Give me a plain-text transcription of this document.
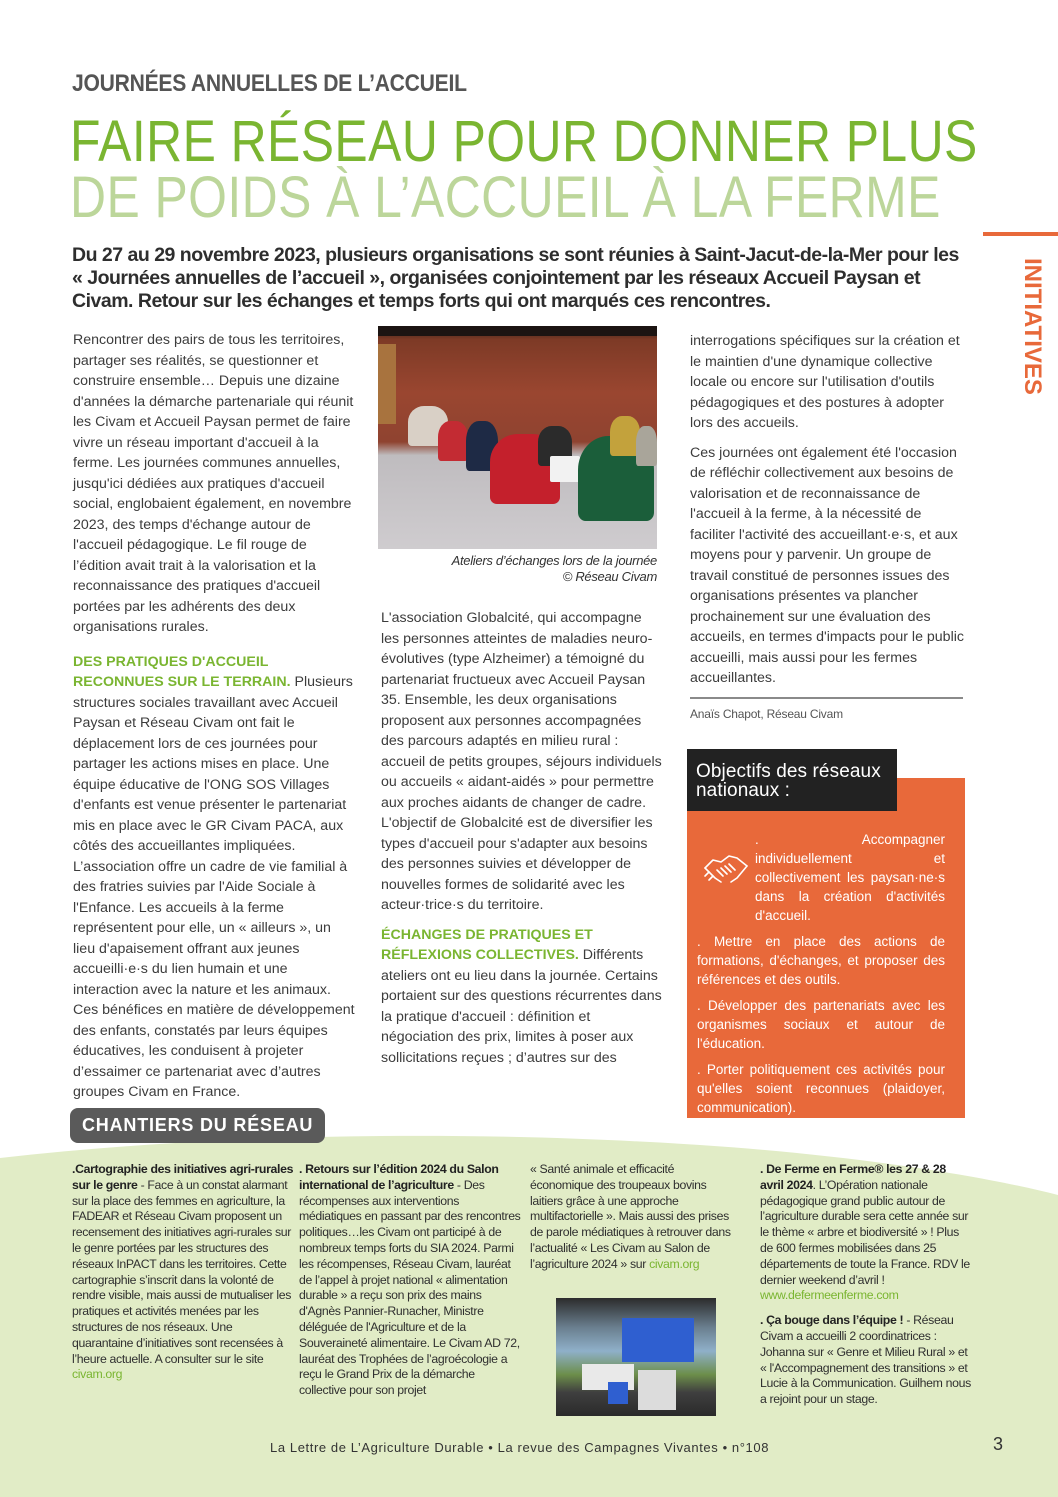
JOURNÉES ANNUELLES DE L’ACCUEIL
FAIRE RÉSEAU POUR DONNER PLUS
DE POIDS À L’ACCUEIL À LA FERME
Du 27 au 29 novembre 2023, plusieurs organisations se sont réunies à Saint-Jacut-de-la-Mer pour les « Journées annuelles de l’accueil », organisées conjointement par les réseaux Accueil Paysan et Civam. Retour sur les échanges et temps forts qui ont marqués ces rencontres.	INITIATIVES

Rencontrer des pairs de tous les territoires, partager ses réalités, se questionner et construire ensemble… Depuis une dizaine d'années la démarche partenariale qui réunit les Civam et Accueil Paysan permet de faire vivre un réseau important d'accueil à la ferme. Les journées communes annuelles, jusqu'ici dédiées aux pratiques d'accueil social, englobaient également, en novembre 2023, des temps d'échange autour de l'accueil pédagogique. Le fil rouge de l’édition avait trait à la valorisation et la reconnaissance des pratiques d'accueil portées par les adhérents des deux organisations rurales.

DES PRATIQUES D'ACCUEIL RECONNUES SUR LE TERRAIN. Plusieurs structures sociales travaillant avec Accueil Paysan et Réseau Civam ont fait le déplacement lors de ces journées pour partager les actions mises en place. Une équipe éducative de l'ONG SOS Villages d'enfants est venue présenter le partenariat mis en place avec le GR Civam PACA, aux côtés des accueillantes impliquées. L’association offre un cadre de vie familial à des fratries suivies par l'Aide Sociale à l'Enfance. Les accueils à la ferme représentent pour elle, un « ailleurs », un lieu d'apaisement offrant aux jeunes accueilli·e·s du lien humain et une interaction avec la nature et les animaux. Ces bénéfices en matière de développement des enfants, constatés par leurs équipes éducatives, les conduisent à projeter d’essaimer ce partenariat avec d’autres groupes Civam en France.

Ateliers d’échanges lors de la journée
© Réseau Civam

L'association Globalcité, qui accompagne les personnes atteintes de maladies neuro-évolutives (type Alzheimer) a témoigné du partenariat fructueux avec Accueil Paysan 35. Ensemble, les deux organisations proposent aux personnes accompagnées des parcours adaptés en milieu rural : accueil de petits groupes, séjours individuels ou accueils « aidant-aidés » pour permettre aux proches aidants de changer de cadre. L'objectif de Globalcité est de diversifier les types d'accueil pour s'adapter aux besoins des personnes suivies et développer de nouvelles formes de solidarité avec les acteur·trice·s du territoire.

ÉCHANGES DE PRATIQUES ET RÉFLEXIONS COLLECTIVES. Différents ateliers ont eu lieu dans la journée. Certains portaient sur des questions récurrentes dans la pratique d'accueil : définition et négociation des prix, limites à poser aux sollicitations reçues ; d’autres sur des

interrogations spécifiques sur la création et le maintien d'une dynamique collective locale ou encore sur l'utilisation d'outils pédagogiques et des postures à adopter lors des accueils.

Ces journées ont également été l'occasion de réfléchir collectivement aux besoins de valorisation et de reconnaissance de l'accueil à la ferme, à la nécessité de faciliter l'activité des accueillant·e·s, et aux moyens pour y parvenir. Un groupe de travail constitué de personnes issues des organisations présentes va plancher prochainement sur une évaluation des accueils, en termes d'impacts pour le public accueilli, mais aussi pour les fermes accueillantes.

Anaïs Chapot, Réseau Civam
Objectifs des réseaux nationaux :

. Accompagner individuellement et collectivement les paysan·ne·s dans la création d'activités d'accueil.

. Mettre en place des actions de formations, d'échanges, et proposer des références et des outils.

. Développer des partenariats avec les organismes sociaux et autour de l'éducation.

. Porter politiquement ces activités pour qu'elles soient reconnues (plaidoyer, communication).

CHANTIERS DU RÉSEAU

.Cartographie des initiatives agri-rurales sur le genre - Face à un constat alarmant sur la place des femmes en agriculture, la FADEAR et Réseau Civam proposent un recensement des initiatives agri-rurales sur le genre portées par les structures des réseaux InPACT dans les territoires. Cette cartographie s’inscrit dans la volonté de rendre visible, mais aussi de mutualiser les pratiques et activités menées par les structures de nos réseaux. Une quarantaine d’initiatives sont recensées à l’heure actuelle. A consulter sur le site civam.org

. Retours sur l’édition 2024 du Salon international de l’agriculture - Des récompenses aux interventions médiatiques en passant par des rencontres politiques…les Civam ont participé à de nombreux temps forts du SIA 2024. Parmi les récompenses, Réseau Civam, lauréat de l’appel à projet national « alimentation durable » a reçu son prix des mains d'Agnès Pannier-Runacher, Ministre déléguée de l'Agriculture et de la Souveraineté alimentaire. Le Civam AD 72, lauréat des Trophées de l’agroécologie a reçu le Grand Prix de la démarche collective pour son projet

« Santé animale et efficacité économique des troupeaux bovins laitiers grâce à une approche multifactorielle ». Mais aussi des prises de parole médiatiques à retrouver dans l’actualité « Les Civam au Salon de l’agriculture 2024 » sur civam.org

. De Ferme en Ferme® les 27 & 28 avril 2024. L’Opération nationale pédagogique grand public autour de l’agriculture durable sera cette année sur le thème « arbre et biodiversité » ! Plus de 600 fermes mobilisées dans 25 départements de toute la France. RDV le dernier weekend d’avril ! www.defermeenferme.com

. Ça bouge dans l’équipe ! - Réseau Civam a accueilli 2 coordinatrices : Johanna sur « Genre et Milieu Rural » et « l'Accompagnement des transitions » et Lucie à la Communication. Guilhem nous a rejoint pour un stage.

La Lettre de L’Agriculture Durable • La revue des Campagnes Vivantes • n°108	3
